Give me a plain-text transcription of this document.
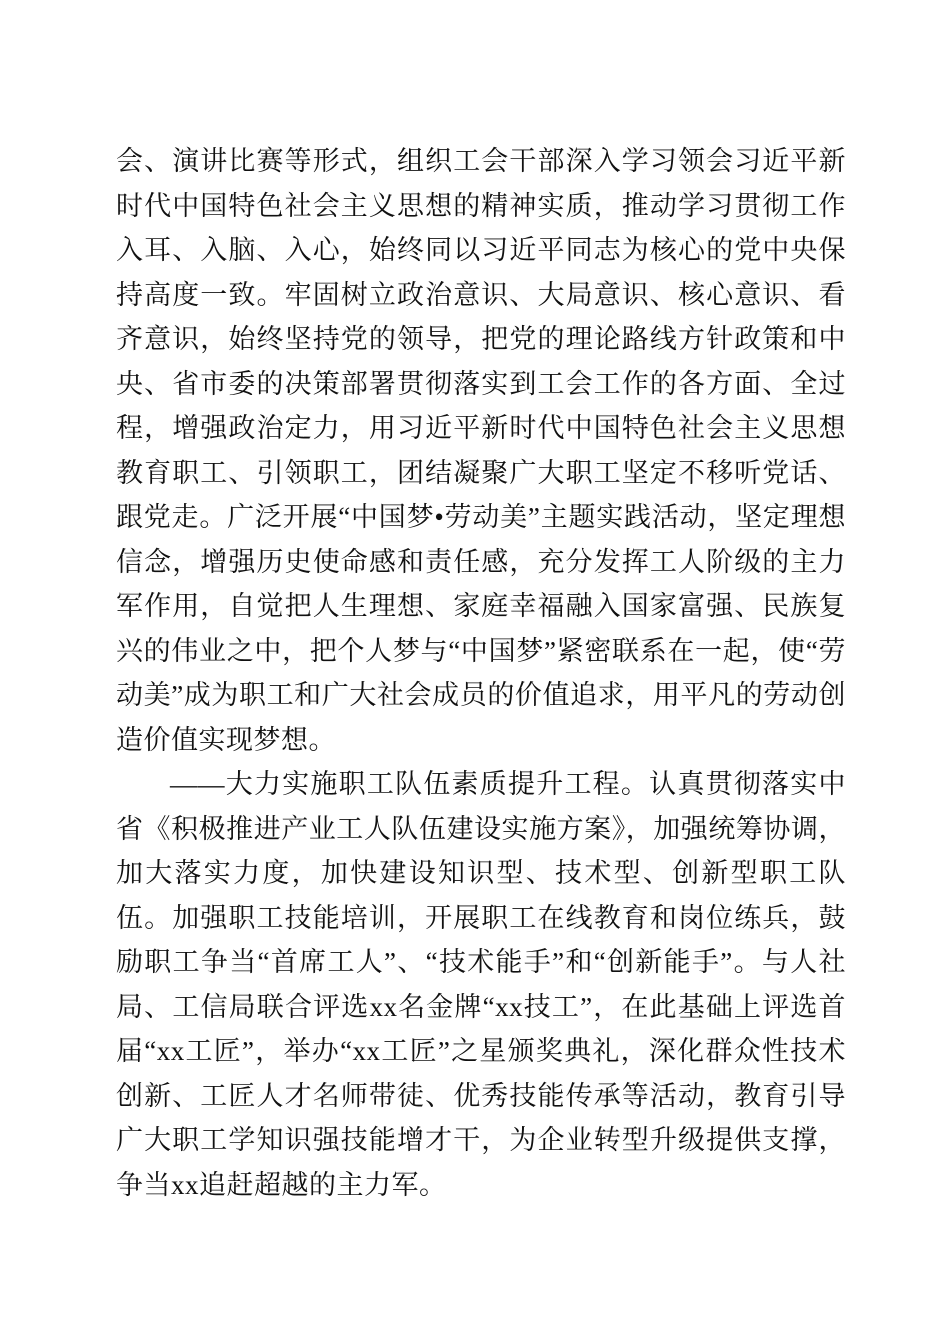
会、演讲比赛等形式，组织工会干部深入学习领会习近平新时代中国特色社会主义思想的精神实质，推动学习贯彻工作入耳、入脑、入心，始终同以习近平同志为核心的党中央保持高度一致。牢固树立政治意识、大局意识、核心意识、看齐意识，始终坚持党的领导，把党的理论路线方针政策和中央、省市委的决策部署贯彻落实到工会工作的各方面、全过程，增强政治定力，用习近平新时代中国特色社会主义思想教育职工、引领职工，团结凝聚广大职工坚定不移听党话、跟党走。广泛开展“中国梦•劳动美”主题实践活动，坚定理想信念，增强历史使命感和责任感，充分发挥工人阶级的主力军作用，自觉把人生理想、家庭幸福融入国家富强、民族复兴的伟业之中，把个人梦与“中国梦”紧密联系在一起，使“劳动美”成为职工和广大社会成员的价值追求，用平凡的劳动创造价值实现梦想。

——大力实施职工队伍素质提升工程。认真贯彻落实中省《积极推进产业工人队伍建设实施方案》，加强统筹协调，加大落实力度，加快建设知识型、技术型、创新型职工队伍。加强职工技能培训，开展职工在线教育和岗位练兵，鼓励职工争当“首席工人”、“技术能手”和“创新能手”。与人社局、工信局联合评选xx名金牌“xx技工”，在此基础上评选首届“xx工匠”，举办“xx工匠”之星颁奖典礼，深化群众性技术创新、工匠人才名师带徒、优秀技能传承等活动，教育引导广大职工学知识强技能增才干，为企业转型升级提供支撑，争当xx追赶超越的主力军。
